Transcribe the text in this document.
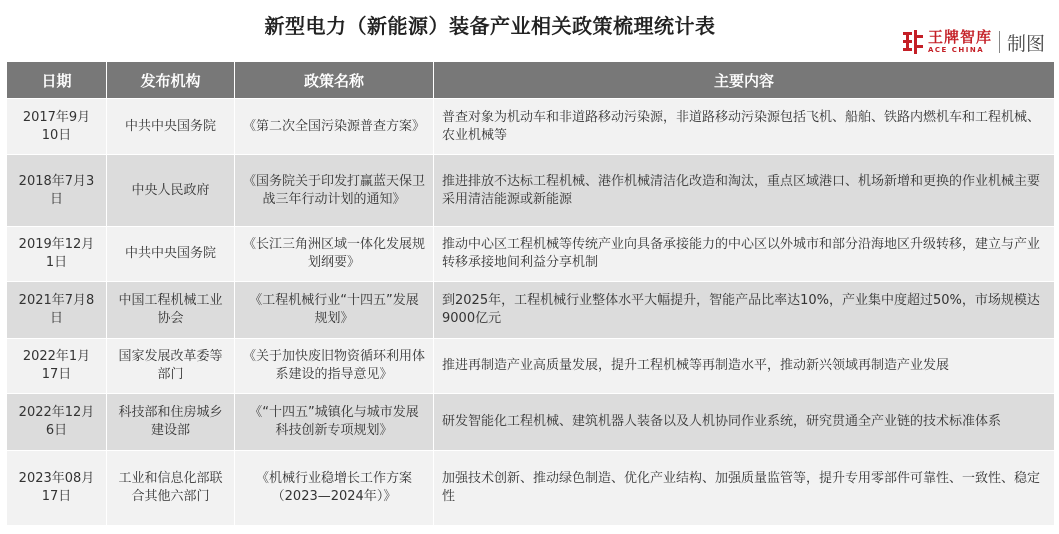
新型电力（新能源）装备产业相关政策梳理统计表	王牌智库
ACE CHINA	制图
日期	发布机构	政策名称	主要内容
2017年9月10日	中共中央国务院	《第二次全国污染源普查方案》	普查对象为机动车和非道路移动污染源，非道路移动污染源包括飞机、船舶、铁路内燃机车和工程机械、农业机械等
2018年7月3日	中央人民政府	《国务院关于印发打赢蓝天保卫战三年行动计划的通知》	推进排放不达标工程机械、港作机械清洁化改造和淘汰，重点区域港口、机场新增和更换的作业机械主要采用清洁能源或新能源
2019年12月1日	中共中央国务院	《长江三角洲区域一体化发展规划纲要》	推动中心区工程机械等传统产业向具备承接能力的中心区以外城市和部分沿海地区升级转移，建立与产业转移承接地间利益分享机制
2021年7月8日	中国工程机械工业协会	《工程机械行业“十四五”发展规划》	到2025年，工程机械行业整体水平大幅提升，智能产品比率达10%，产业集中度超过50%，市场规模达9000亿元
2022年1月17日	国家发展改革委等部门	《关于加快废旧物资循环利用体系建设的指导意见》	推进再制造产业高质量发展，提升工程机械等再制造水平，推动新兴领域再制造产业发展
2022年12月6日	科技部和住房城乡建设部	《“十四五”城镇化与城市发展科技创新专项规划》	研发智能化工程机械、建筑机器人装备以及人机协同作业系统，研究贯通全产业链的技术标准体系
2023年08月17日	工业和信息化部联合其他六部门	《机械行业稳增长工作方案（2023—2024年）》	加强技术创新、推动绿色制造、优化产业结构、加强质量监管等，提升专用零部件可靠性、一致性、稳定性
